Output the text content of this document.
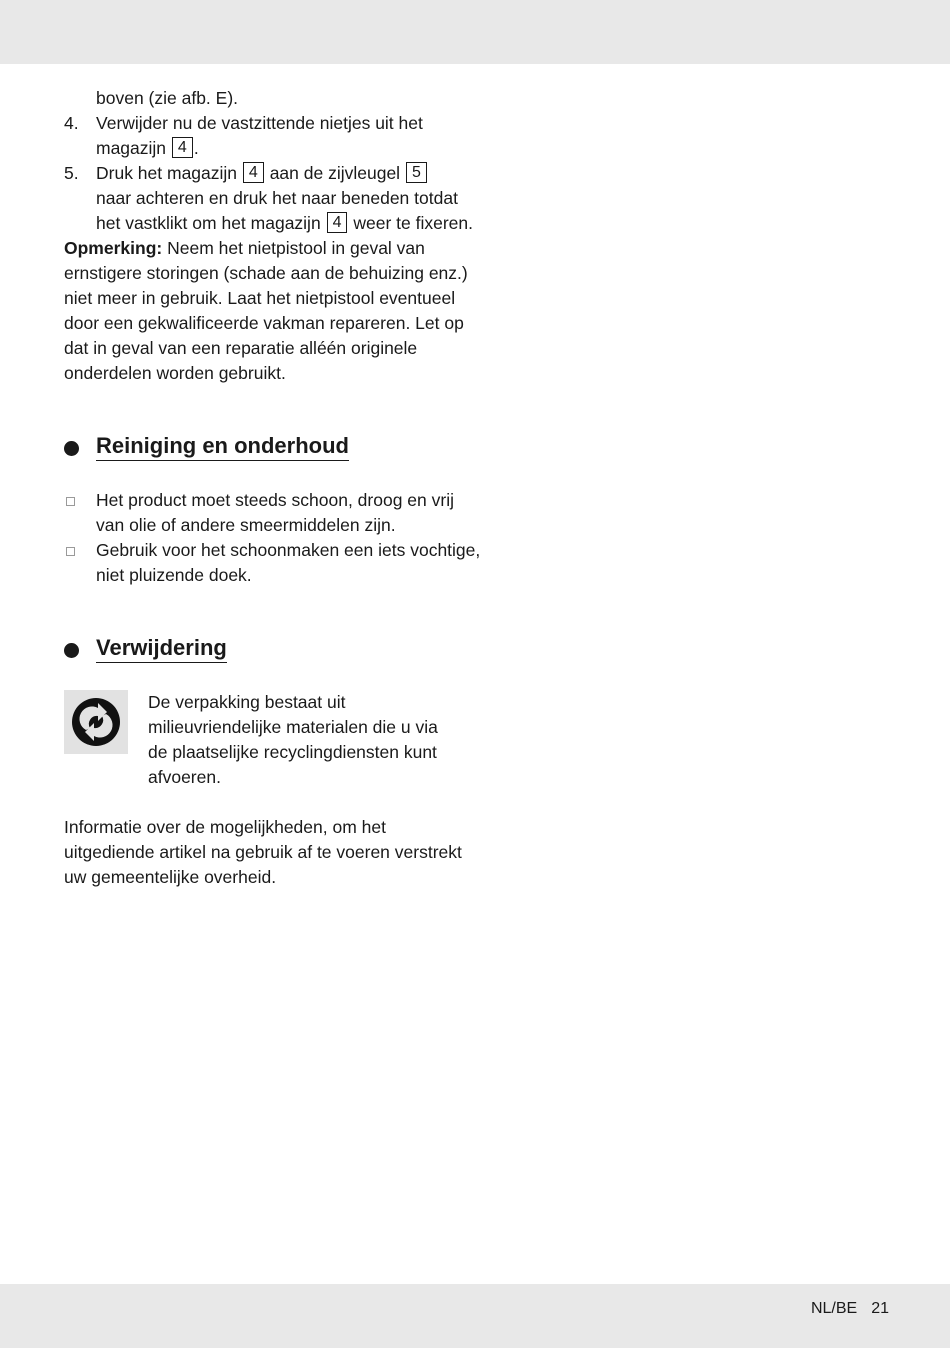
boven (zie afb. E).
4. Verwijder nu de vastzittende nietjes uit het
magazijn 4 .
5. Druk het magazijn 4 aan de zijvleugel 5
naar achteren en druk het naar beneden totdat
het vastklikt om het magazijn 4 weer te fixeren.
Opmerking: Neem het nietpistool in geval van
ernstigere storingen (schade aan de behuizing enz.)
niet meer in gebruik. Laat het nietpistool eventueel
door een gekwalificeerde vakman repareren. Let op
dat in geval van een reparatie alléén originele
onderdelen worden gebruikt.
Reiniging en onderhoud
Het product moet steeds schoon, droog en vrij
van olie of andere smeermiddelen zijn.
Gebruik voor het schoonmaken een iets vochtige,
niet pluizende doek.
Verwijdering
De verpakking bestaat uit
milieuvriendelijke materialen die u via
de plaatselijke recyclingdiensten kunt
afvoeren.
Informatie over de mogelijkheden, om het
uitgediende artikel na gebruik af te voeren verstrekt
uw gemeentelijke overheid.
NL/BE 21
